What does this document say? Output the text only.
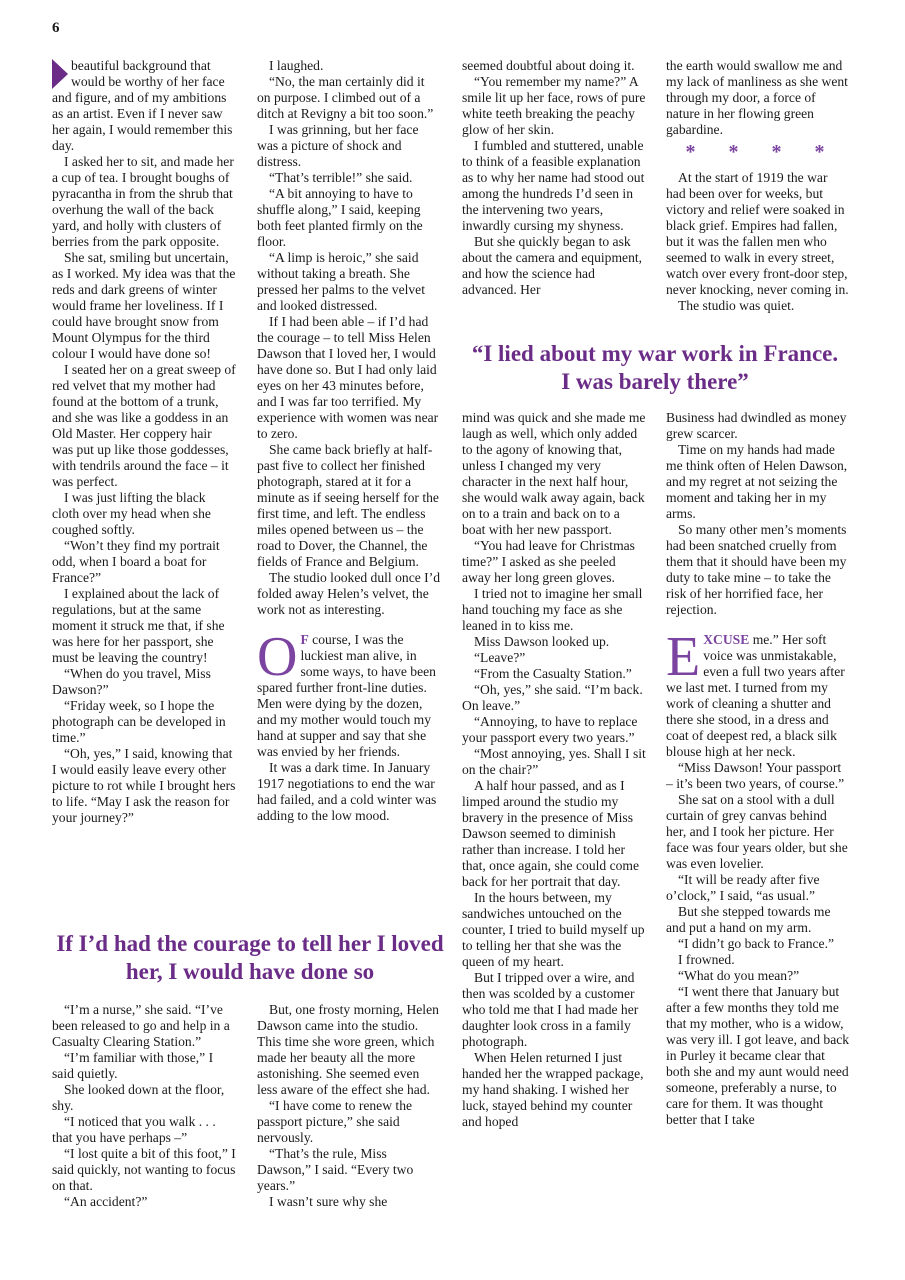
6

beautiful background that would be worthy of her face and figure, and of my ambitions as an artist. Even if I never saw her again, I would remember this day.

I asked her to sit, and made her a cup of tea. I brought boughs of pyracantha in from the shrub that overhung the wall of the back yard, and holly with clusters of berries from the park opposite.

She sat, smiling but uncertain, as I worked. My idea was that the reds and dark greens of winter would frame her loveliness. If I could have brought snow from Mount Olympus for the third colour I would have done so!

I seated her on a great sweep of red velvet that my mother had found at the bottom of a trunk, and she was like a goddess in an Old Master. Her coppery hair was put up like those goddesses, with tendrils around the face – it was perfect.

I was just lifting the black cloth over my head when she coughed softly.

“Won’t they find my portrait odd, when I board a boat for France?”

I explained about the lack of regulations, but at the same moment it struck me that, if she was here for her passport, she must be leaving the country!

“When do you travel, Miss Dawson?”

“Friday week, so I hope the photograph can be developed in time.”

“Oh, yes,” I said, knowing that I would easily leave every other picture to rot while I brought hers to life. “May I ask the reason for your journey?”

I laughed.

“No, the man certainly did it on purpose. I climbed out of a ditch at Revigny a bit too soon.”

I was grinning, but her face was a picture of shock and distress.

“That’s terrible!” she said.

“A bit annoying to have to shuffle along,” I said, keeping both feet planted firmly on the floor.

“A limp is heroic,” she said without taking a breath. She pressed her palms to the velvet and looked distressed.

If I had been able – if I’d had the courage – to tell Miss Helen Dawson that I loved her, I would have done so. But I had only laid eyes on her 43 minutes before, and I was far too terrified. My experience with women was near to zero.

She came back briefly at half-past five to collect her finished photograph, stared at it for a minute as if seeing herself for the first time, and left. The endless miles opened between us – the road to Dover, the Channel, the fields of France and Belgium.

The studio looked dull once I’d folded away Helen’s velvet, the work not as interesting.

O F course, I was the luckiest man alive, in some ways, to have been spared further front-line duties. Men were dying by the dozen, and my mother would touch my hand at supper and say that she was envied by her friends.

It was a dark time. In January 1917 negotiations to end the war had failed, and a cold winter was adding to the low mood.

seemed doubtful about doing it.

“You remember my name?” A smile lit up her face, rows of pure white teeth breaking the peachy glow of her skin.

I fumbled and stuttered, unable to think of a feasible explanation as to why her name had stood out among the hundreds I’d seen in the intervening two years, inwardly cursing my shyness.

But she quickly began to ask about the camera and equipment, and how the science had advanced. Her

the earth would swallow me and my lack of manliness as she went through my door, a force of nature in her flowing green gabardine.

* * * *

At the start of 1919 the war had been over for weeks, but victory and relief were soaked in black grief. Empires had fallen, but it was the fallen men who seemed to walk in every street, watch over every front-door step, never knocking, never coming in.

The studio was quiet.

“I lied about my war work in France. I was barely there”

mind was quick and she made me laugh as well, which only added to the agony of knowing that, unless I changed my very character in the next half hour, she would walk away again, back on to a train and back on to a boat with her new passport.

“You had leave for Christmas time?” I asked as she peeled away her long green gloves.

I tried not to imagine her small hand touching my face as she leaned in to kiss me.

Miss Dawson looked up.

“Leave?”

“From the Casualty Station.”

“Oh, yes,” she said. “I’m back. On leave.”

“Annoying, to have to replace your passport every two years.”

“Most annoying, yes. Shall I sit on the chair?”

A half hour passed, and as I limped around the studio my bravery in the presence of Miss Dawson seemed to diminish rather than increase. I told her that, once again, she could come back for her portrait that day.

In the hours between, my sandwiches untouched on the counter, I tried to build myself up to telling her that she was the queen of my heart.

But I tripped over a wire, and then was scolded by a customer who told me that I had made her daughter look cross in a family photograph.

When Helen returned I just handed her the wrapped package, my hand shaking. I wished her luck, stayed behind my counter and hoped

Business had dwindled as money grew scarcer.

Time on my hands had made me think often of Helen Dawson, and my regret at not seizing the moment and taking her in my arms.

So many other men’s moments had been snatched cruelly from them that it should have been my duty to take mine – to take the risk of her horrified face, her rejection.

EXCUSE me.” Her soft voice was unmistakable, even a full two years after we last met. I turned from my work of cleaning a shutter and there she stood, in a dress and coat of deepest red, a black silk blouse high at her neck.

“Miss Dawson! Your passport – it’s been two years, of course.”

She sat on a stool with a dull curtain of grey canvas behind her, and I took her picture. Her face was four years older, but she was even lovelier.

“It will be ready after five o’clock,” I said, “as usual.”

But she stepped towards me and put a hand on my arm.

“I didn’t go back to France.”

I frowned.

“What do you mean?”

“I went there that January but after a few months they told me that my mother, who is a widow, was very ill. I got leave, and back in Purley it became clear that both she and my aunt would need someone, preferably a nurse, to care for them. It was thought better that I take

If I’d had the courage to tell her I loved her, I would have done so

“I’m a nurse,” she said. “I’ve been released to go and help in a Casualty Clearing Station.”

“I’m familiar with those,” I said quietly.

She looked down at the floor, shy.

“I noticed that you walk . . . that you have perhaps –”

“I lost quite a bit of this foot,” I said quickly, not wanting to focus on that.

“An accident?”

But, one frosty morning, Helen Dawson came into the studio. This time she wore green, which made her beauty all the more astonishing. She seemed even less aware of the effect she had.

“I have come to renew the passport picture,” she said nervously.

“That’s the rule, Miss Dawson,” I said. “Every two years.”

I wasn’t sure why she
